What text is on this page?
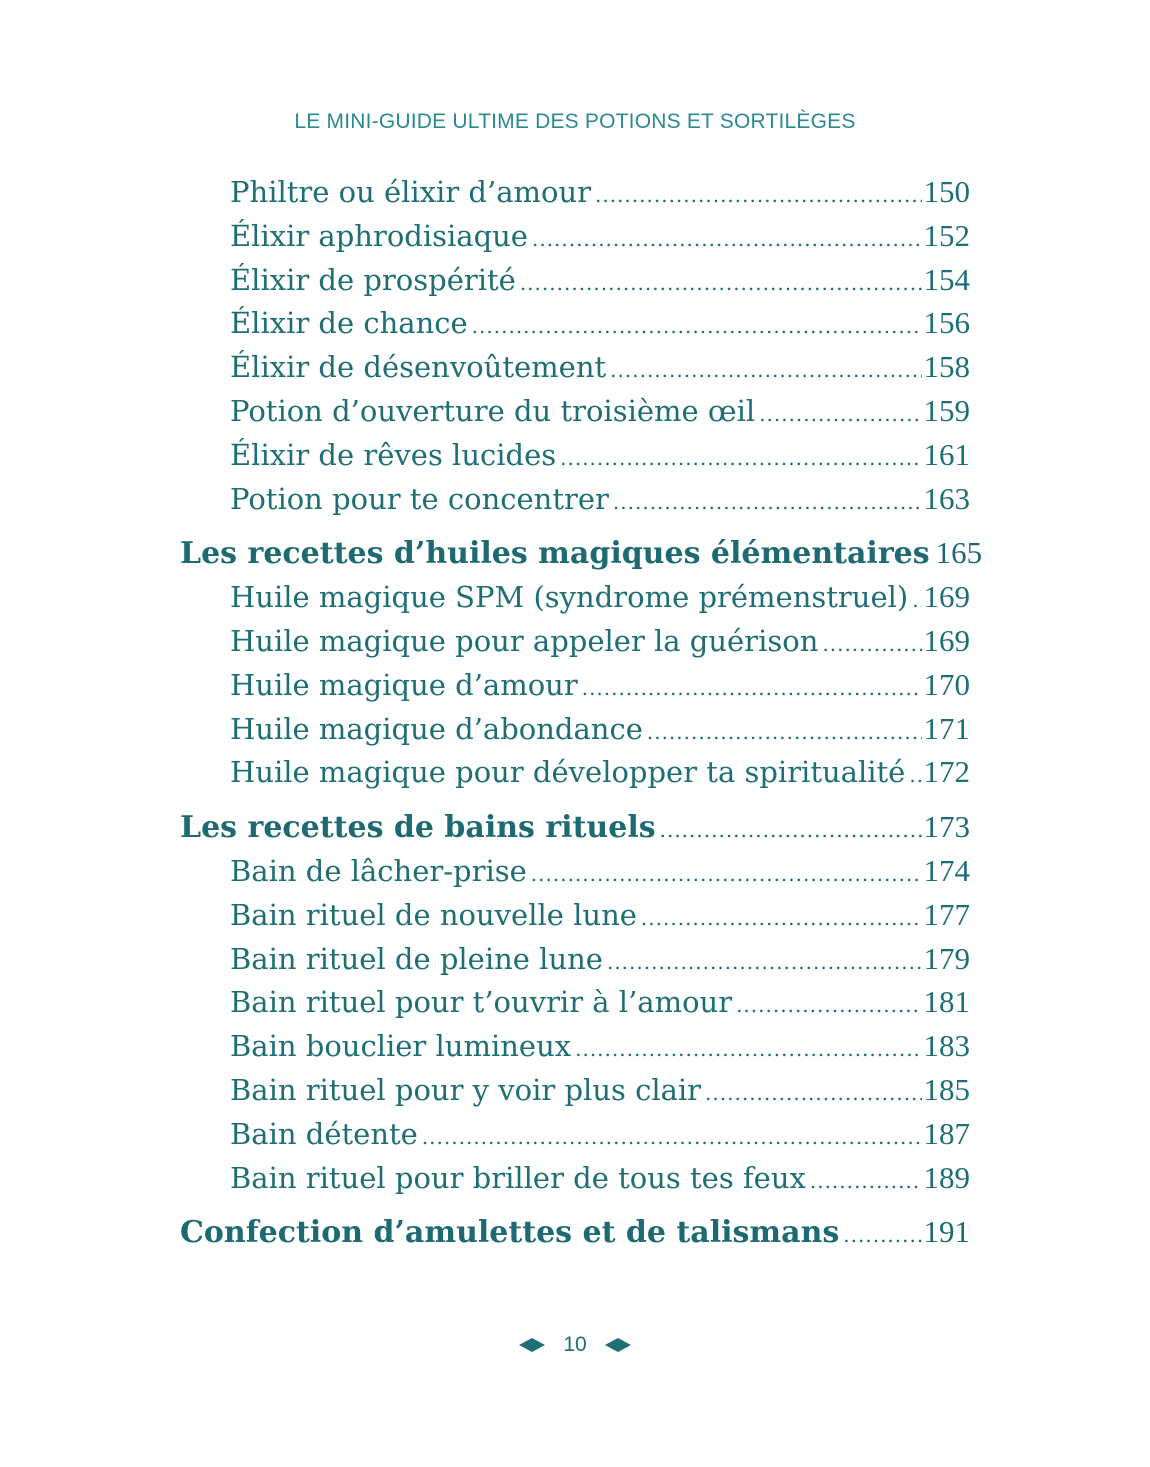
LE MINI-GUIDE ULTIME DES POTIONS ET SORTILÈGES
Philtre ou élixir d’amour .....	150
Élixir aphrodisiaque .....	152
Élixir de prospérité .....	154
Élixir de chance .....	156
Élixir de désenvoûtement .....	158
Potion d’ouverture du troisième œil .....	159
Élixir de rêves lucides .....	161
Potion pour te concentrer .....	163
Les recettes d’huiles magiques élémentaires 165
Huile magique SPM (syndrome prémenstruel) ..... 169
Huile magique pour appeler la guérison .....	169
Huile magique d’amour .....	170
Huile magique d’abondance .....	171
Huile magique pour développer ta spiritualité ..... 172
Les recettes de bains rituels .....	173
Bain de lâcher-prise .....	174
Bain rituel de nouvelle lune .....	177
Bain rituel de pleine lune .....	179
Bain rituel pour t’ouvrir à l’amour .....	181
Bain bouclier lumineux .....	183
Bain rituel pour y voir plus clair .....	185
Bain détente .....	187
Bain rituel pour briller de tous tes feux .....	189
Confection d’amulettes et de talismans .....	191
10
